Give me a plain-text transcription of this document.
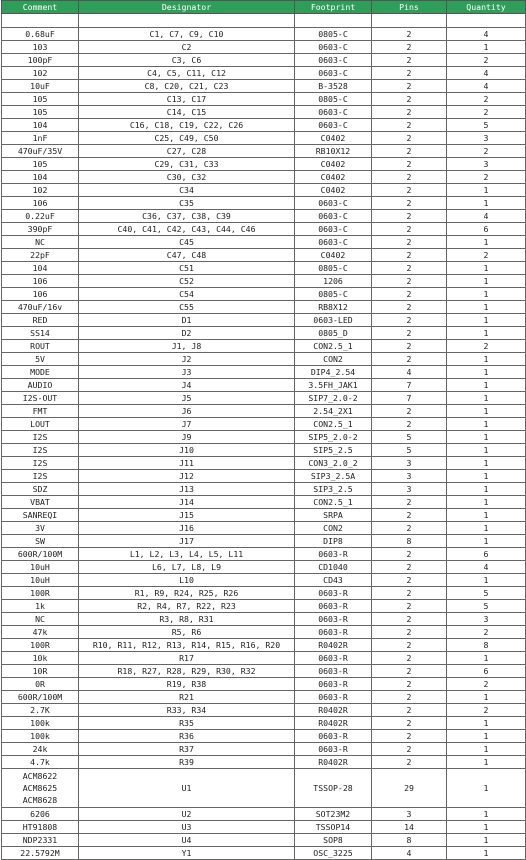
Comment	Designator	Footprint	Pins	Quantity

0.68uF	C1, C7, C9, C10	0805-C	2	4
103	C2	0603-C	2	1
100pF	C3, C6	0603-C	2	2
102	C4, C5, C11, C12	0603-C	2	4
10uF	C8, C20, C21, C23	B-3528	2	4
105	C13, C17	0805-C	2	2
105	C14, C15	0603-C	2	2
104	C16, C18, C19, C22, C26	0603-C	2	5
1nF	C25, C49, C50	C0402	2	3
470uF/35V	C27, C28	RB10X12	2	2
105	C29, C31, C33	C0402	2	3
104	C30, C32	C0402	2	2
102	C34	C0402	2	1
106	C35	0603-C	2	1
0.22uF	C36, C37, C38, C39	0603-C	2	4
390pF	C40, C41, C42, C43, C44, C46	0603-C	2	6
NC	C45	0603-C	2	1
22pF	C47, C48	C0402	2	2
104	C51	0805-C	2	1
106	C52	1206	2	1
106	C54	0805-C	2	1
470uF/16v	C55	RB8X12	2	1
RED	D1	0603-LED	2	1
SS14	D2	0805_D	2	1
ROUT	J1, J8	CON2.5_1	2	2
5V	J2	CON2	2	1
MODE	J3	DIP4_2.54	4	1
AUDIO	J4	3.5FH_JAK1	7	1
I2S-OUT	J5	SIP7_2.0-2	7	1
FMT	J6	2.54_2X1	2	1
LOUT	J7	CON2.5_1	2	1
I2S	J9	SIP5_2.0-2	5	1
I2S	J10	SIP5_2.5	5	1
I2S	J11	CON3_2.0_2	3	1
I2S	J12	SIP3_2.5A	3	1
SDZ	J13	SIP3_2.5	3	1
VBAT	J14	CON2.5_1	2	1
SANREQI	J15	SRPA	2	1
3V	J16	CON2	2	1
SW	J17	DIP8	8	1
600R/100M	L1, L2, L3, L4, L5, L11	0603-R	2	6
10uH	L6, L7, L8, L9	CD1040	2	4
10uH	L10	CD43	2	1
100R	R1, R9, R24, R25, R26	0603-R	2	5
1k	R2, R4, R7, R22, R23	0603-R	2	5
NC	R3, R8, R31	0603-R	2	3
47k	R5, R6	0603-R	2	2
100R	R10, R11, R12, R13, R14, R15, R16, R20	R0402R	2	8
10k	R17	0603-R	2	1
10R	R18, R27, R28, R29, R30, R32	0603-R	2	6
0R	R19, R38	0603-R	2	2
600R/100M	R21	0603-R	2	1
2.7K	R33, R34	R0402R	2	2
100k	R35	R0402R	2	1
100k	R36	0603-R	2	1
24k	R37	0603-R	2	1
4.7k	R39	R0402R	2	1
ACM8622
ACM8625
ACM8628	U1	TSSOP-28	29	1
6206	U2	SOT23M2	3	1
HT91808	U3	TSSOP14	14	1
NDP2331	U4	SOP8	8	1
22.5792M	Y1	OSC_3225	4	1
